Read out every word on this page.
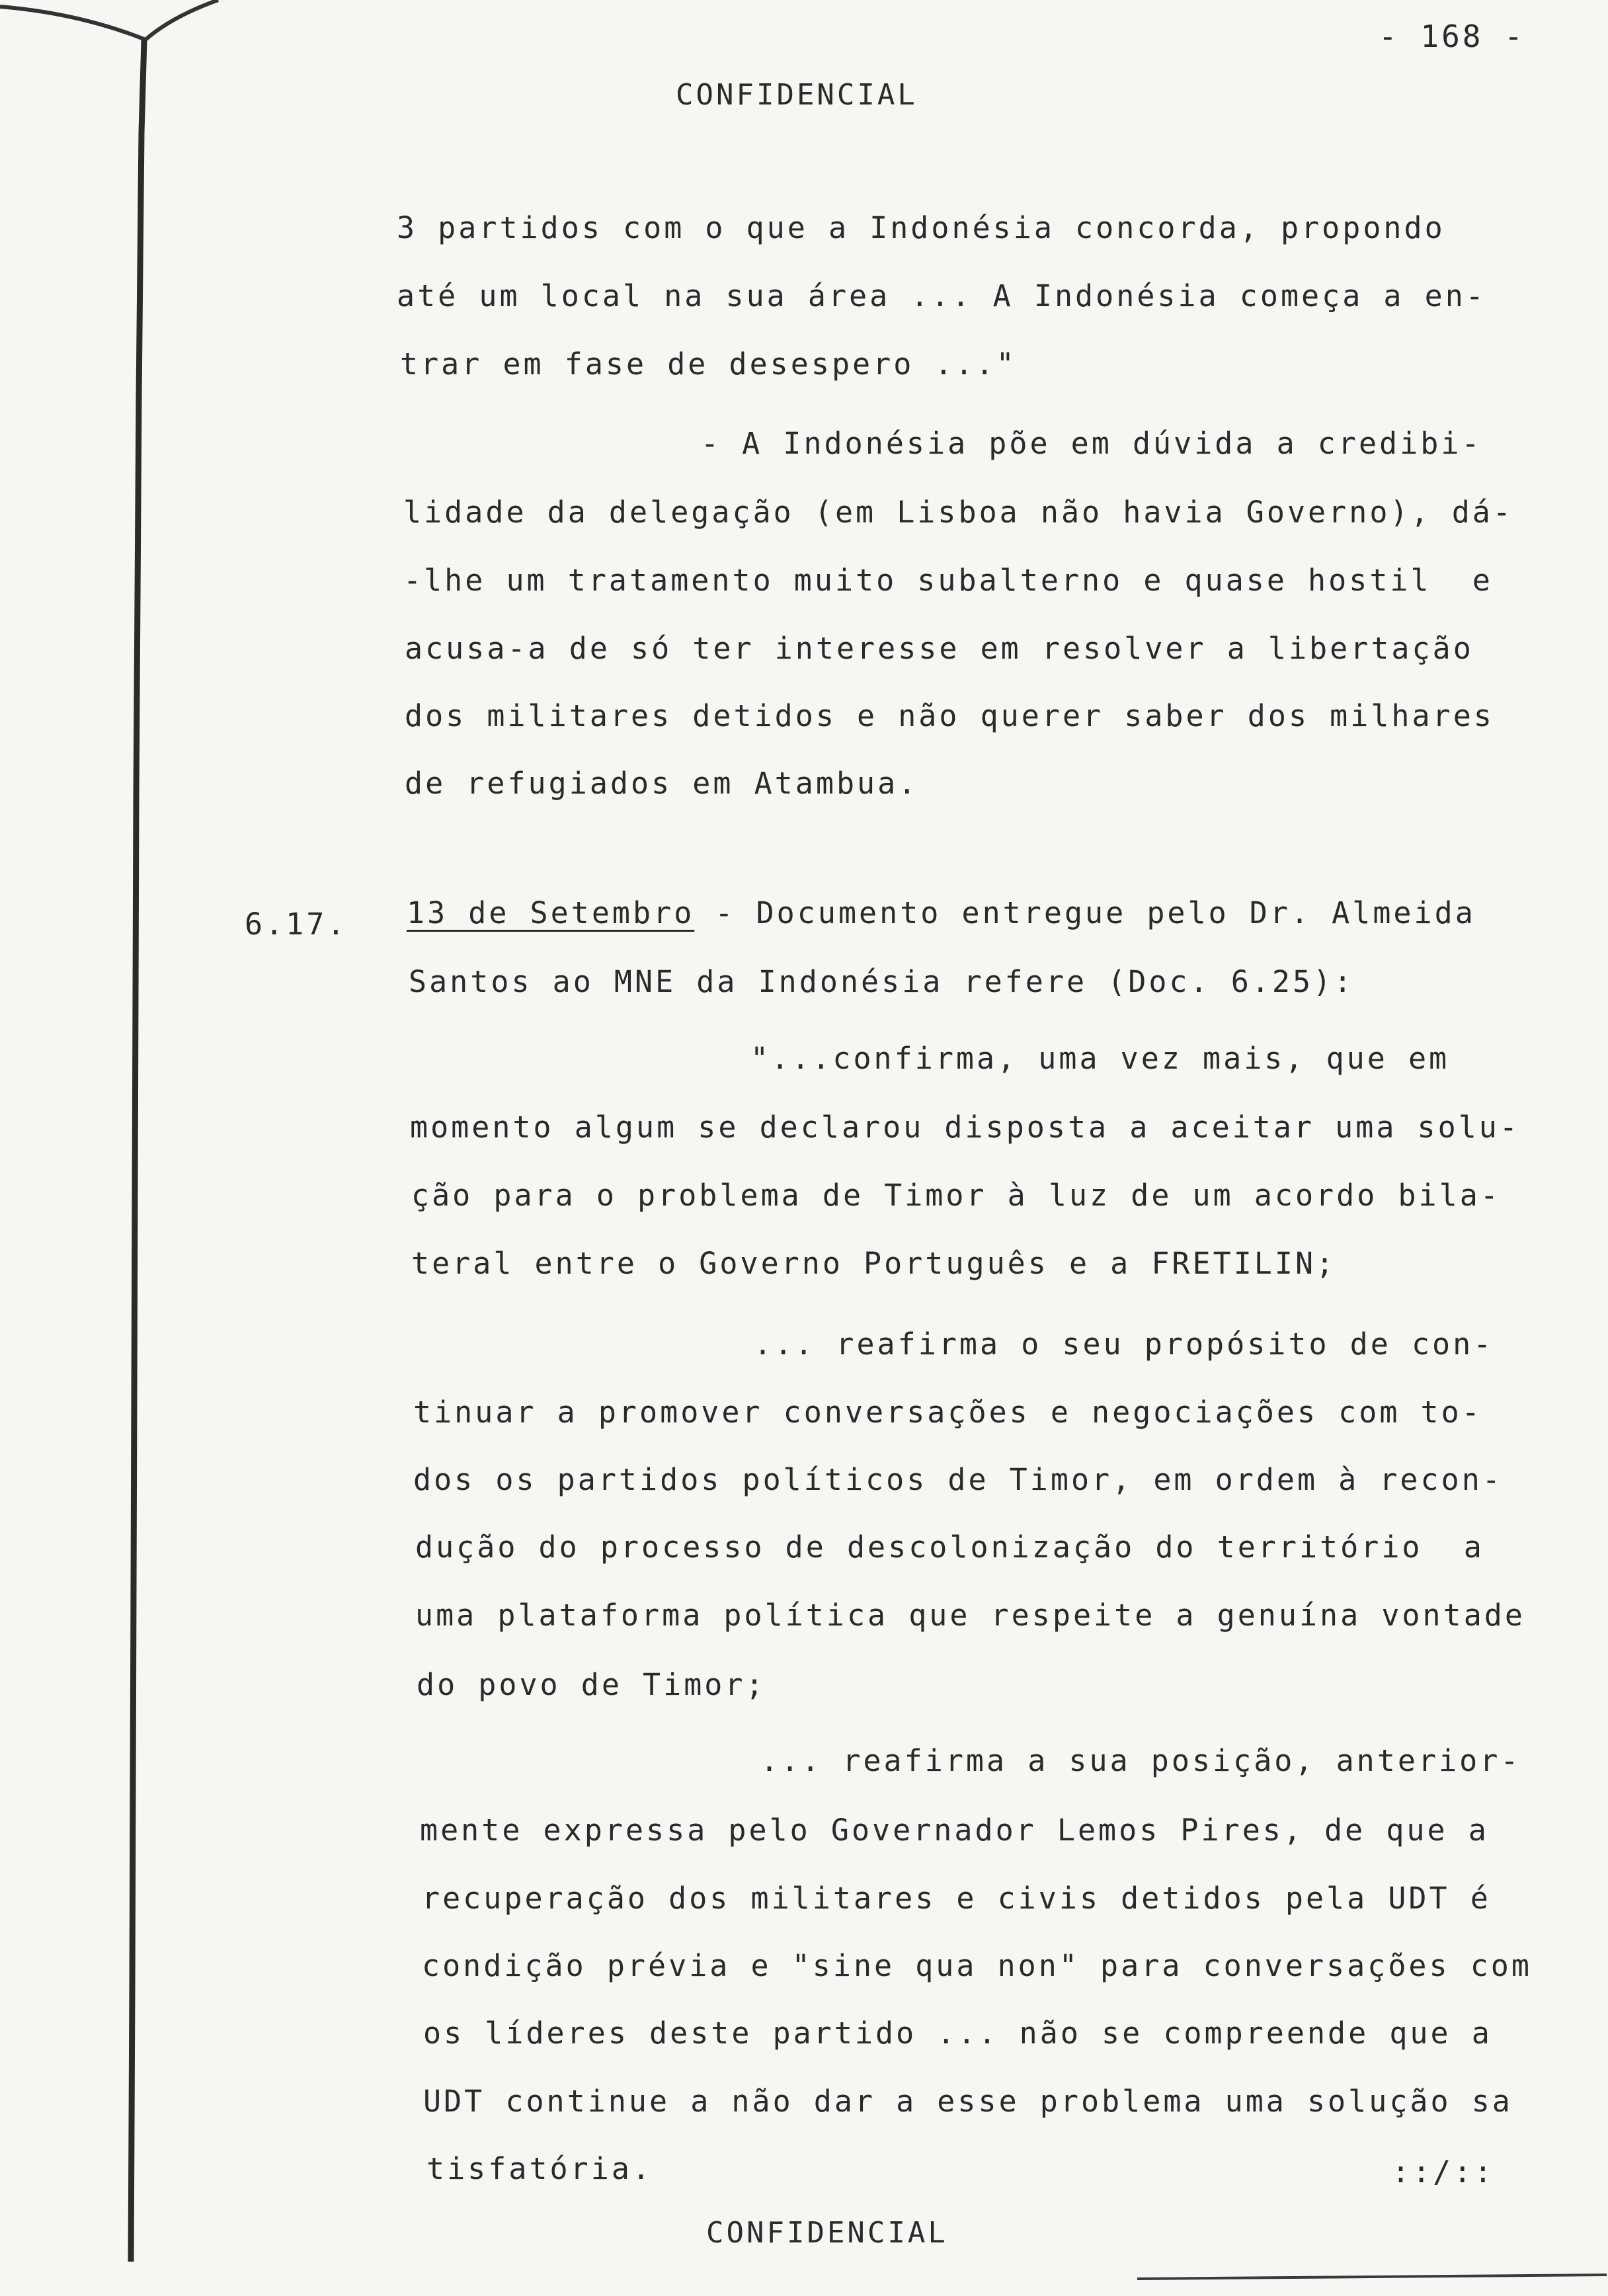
- 168 -
CONFIDENCIAL
3 partidos com o que a Indonésia concorda, propondo
até um local na sua área ... A Indonésia começa a en-
trar em fase de desespero ..."
- A Indonésia põe em dúvida a credibi-
lidade da delegação (em Lisboa não havia Governo), dá-
-lhe um tratamento muito subalterno e quase hostil  e
acusa-a de só ter interesse em resolver a libertação
dos militares detidos e não querer saber dos milhares
de refugiados em Atambua.
6.17. 13 de Setembro - Documento entregue pelo Dr. Almeida
Santos ao MNE da Indonésia refere (Doc. 6.25):
"...confirma, uma vez mais, que em
momento algum se declarou disposta a aceitar uma solu-
ção para o problema de Timor à luz de um acordo bila-
teral entre o Governo Português e a FRETILIN;
... reafirma o seu propósito de con-
tinuar a promover conversações e negociações com to-
dos os partidos políticos de Timor, em ordem à recon-
dução do processo de descolonização do território  a
uma plataforma política que respeite a genuína vontade
do povo de Timor;
... reafirma a sua posição, anterior-
mente expressa pelo Governador Lemos Pires, de que a
recuperação dos militares e civis detidos pela UDT é
condição prévia e "sine qua non" para conversações com
os líderes deste partido ... não se compreende que a
UDT continue a não dar a esse problema uma solução sa
tisfatória.	::/::
CONFIDENCIAL
